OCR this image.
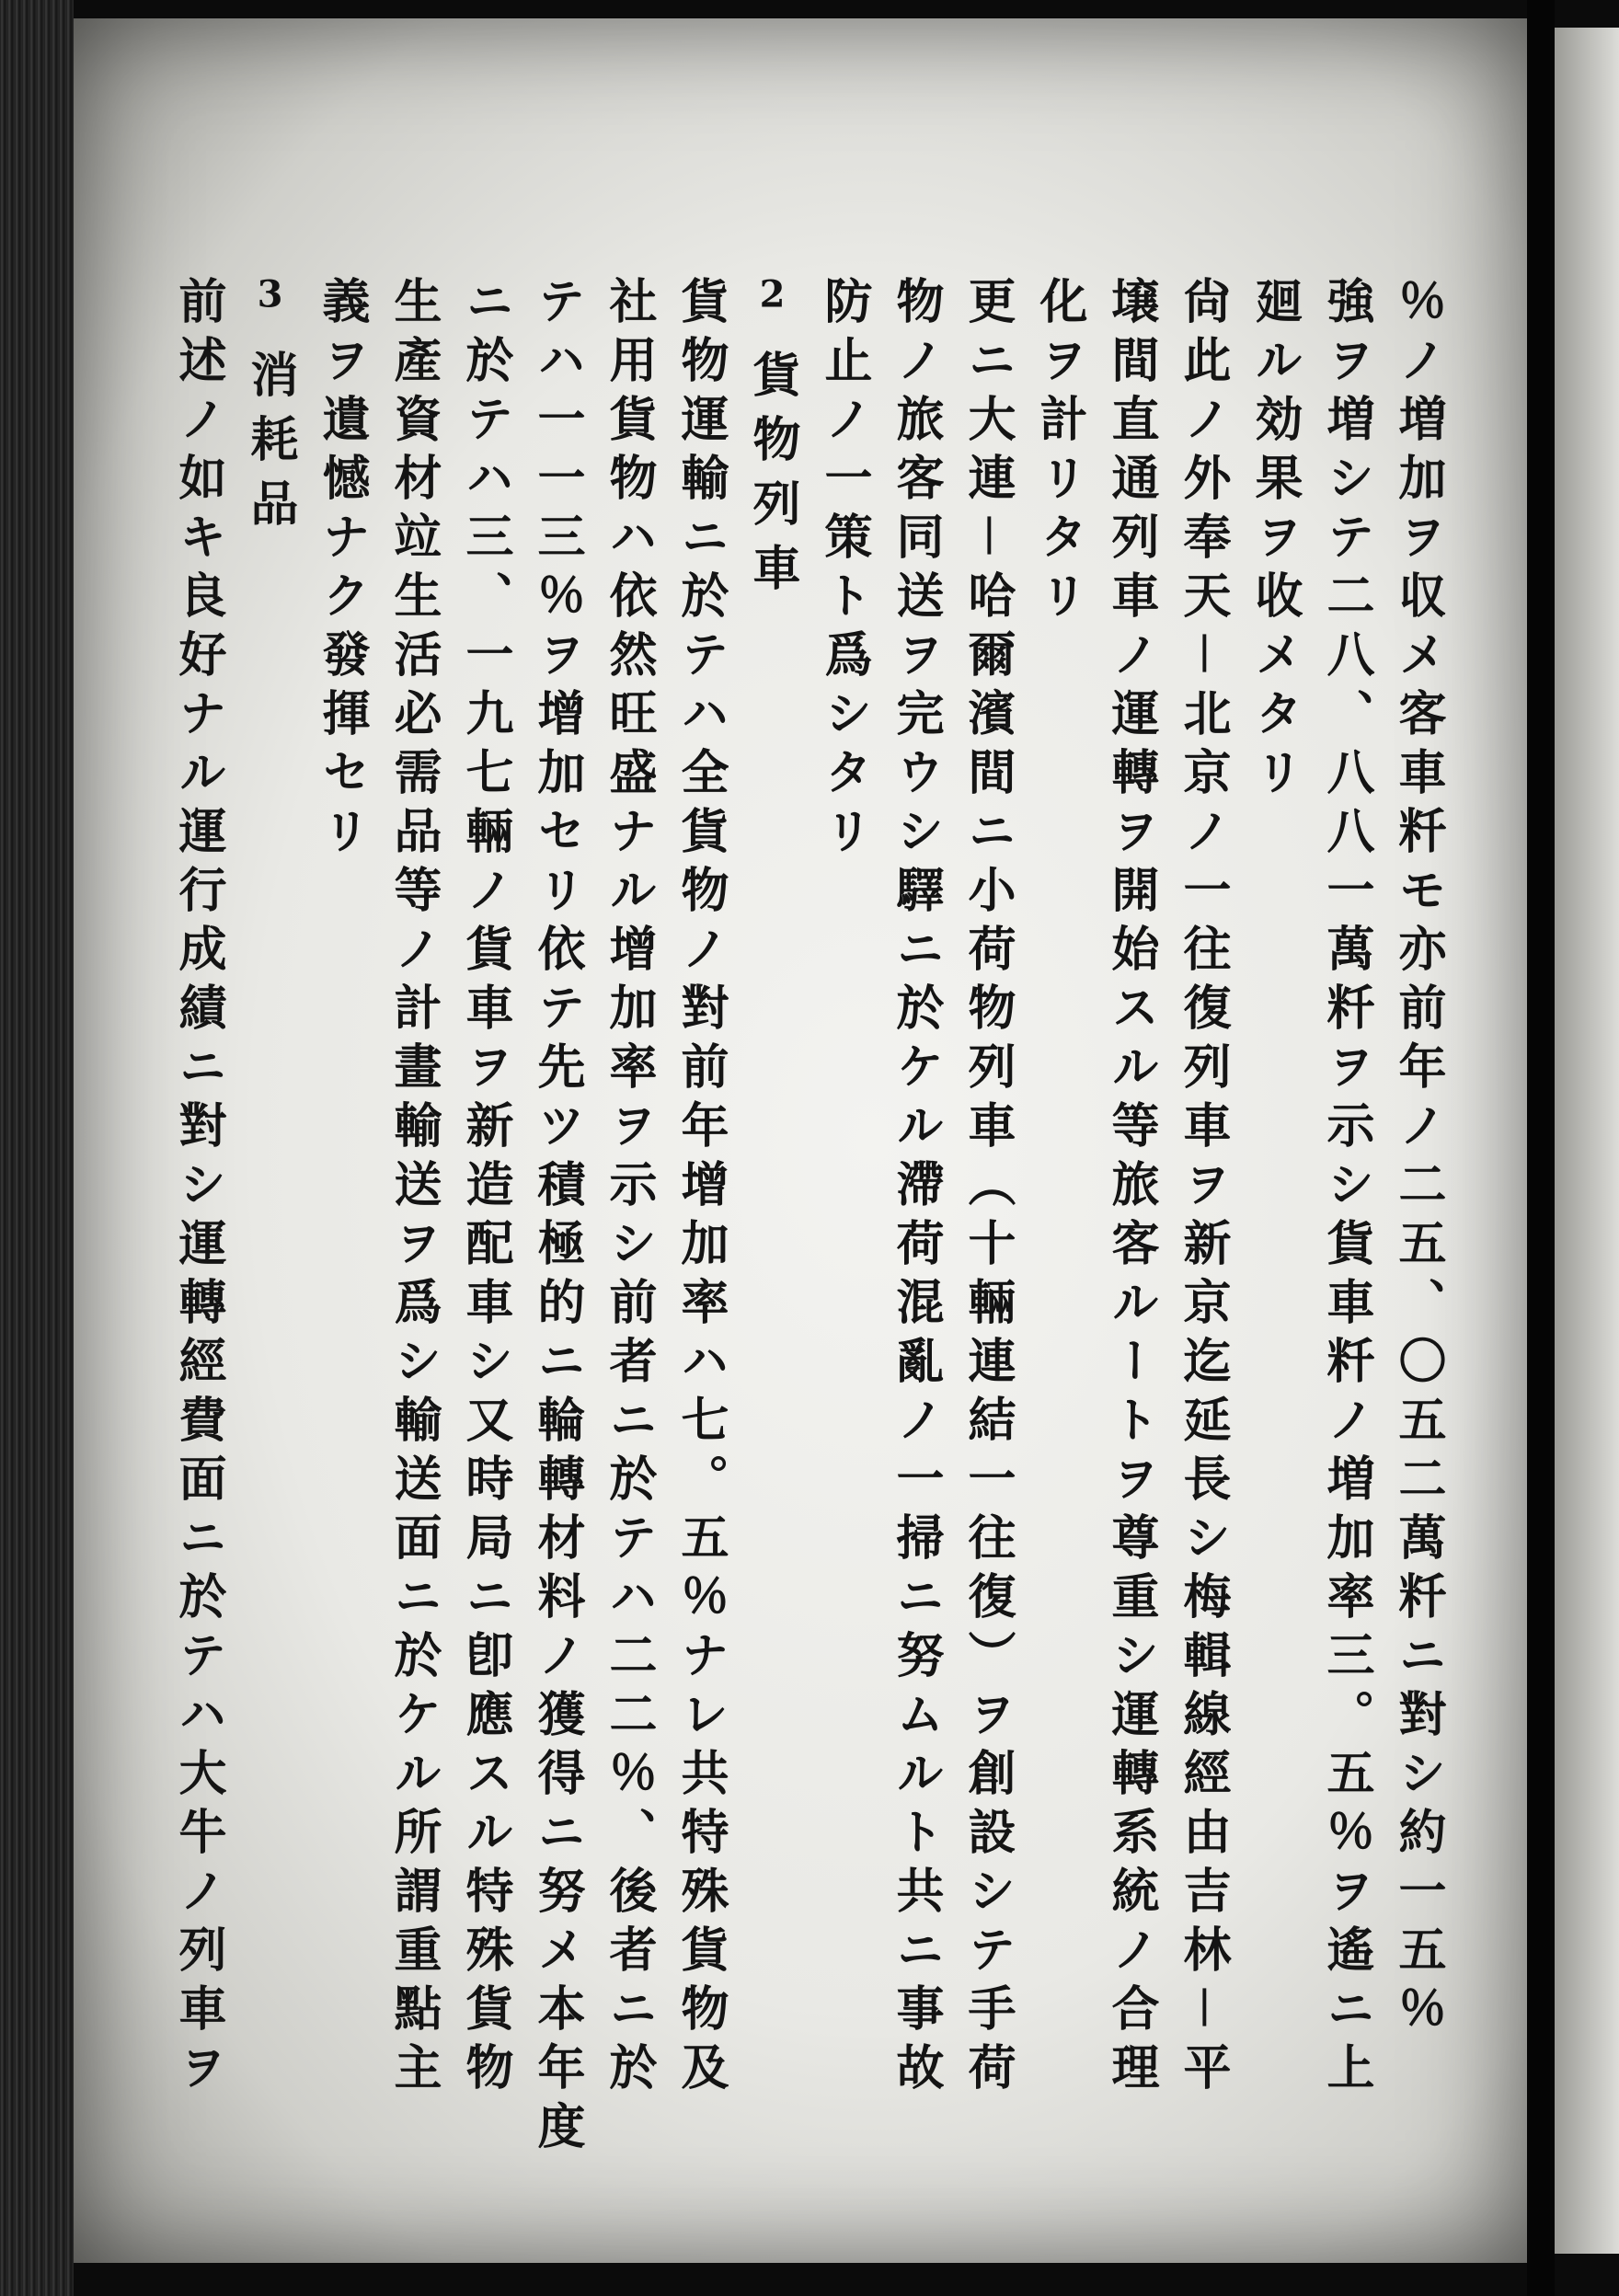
％ノ増加ヲ収メ客車粁モ亦前年ノ二五、〇五二萬粁ニ對シ約一五％
強ヲ増シテ二八、八八一萬粁ヲ示シ貨車粁ノ増加率三。五％ヲ遙ニ上
廻ル効果ヲ收メタリ
尙此ノ外奉天－北京ノ一往復列車ヲ新京迄延長シ梅輯線經由吉林－平
壌間直通列車ノ運轉ヲ開始スル等旅客ルートヲ尊重シ運轉系統ノ合理
化ヲ計リタリ
更ニ大連－哈爾濱間ニ小荷物列車（十輛連結一往復）ヲ創設シテ手荷
物ノ旅客同送ヲ完ウシ驛ニ於ケル滯荷混亂ノ一掃ニ努ムルト共ニ事故
防止ノ一策ト爲シタリ
2貨物列車
貨物運輸ニ於テハ全貨物ノ對前年增加率ハ七。五％ナレ共特殊貨物及
社用貨物ハ依然旺盛ナル增加率ヲ示シ前者ニ於テハ二二％、後者ニ於
テハ一一三％ヲ增加セリ依テ先ツ積極的ニ輪轉材料ノ獲得ニ努メ本年度
ニ於テハ三、一九七輛ノ貨車ヲ新造配車シ又時局ニ卽應スル特殊貨物
生產資材竝生活必需品等ノ計畫輸送ヲ爲シ輸送面ニ於ケル所謂重點主
義ヲ遺憾ナク發揮セリ
3消耗品
前述ノ如キ良好ナル運行成績ニ對シ運轉經費面ニ於テハ大牛ノ列車ヲ
